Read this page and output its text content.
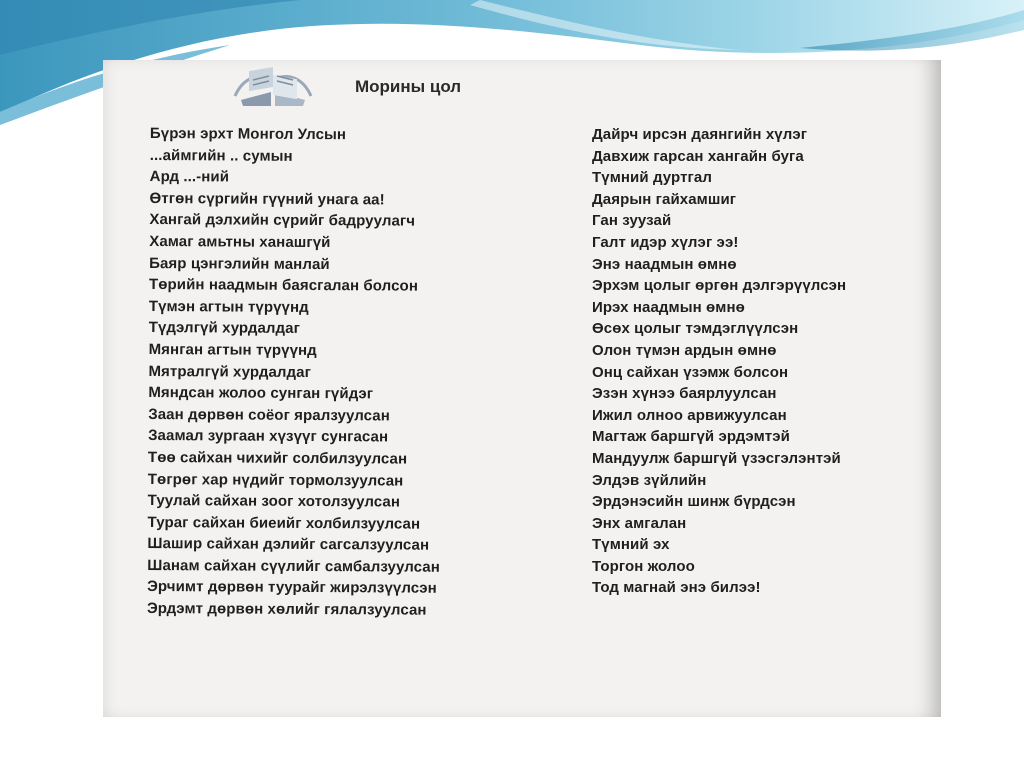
Морины цол
Бүрэн эрхт Монгол Улсын
...аймгийн .. сумын
Ард ...-ний
Өтгөн сүргийн гүүний унага аа!
Хангай дэлхийн сүрийг бадруулагч
Хамаг амьтны ханашгүй
Баяр цэнгэлийн манлай
Төрийн наадмын баясгалан болсон
Түмэн агтын түрүүнд
Түдэлгүй хурдалдаг
Мянган агтын түрүүнд
Мятралгүй хурдалдаг
Мяндсан жолоо сунган гүйдэг
Заан дөрвөн соёог яралзуулсан
Заамал зургаан хүзүүг сунгасан
Төө сайхан чихийг солбилзуулсан
Төгрөг хар нүдийг тормолзуулсан
Туулай сайхан зоог хотолзуулсан
Тураг сайхан биеийг холбилзуулсан
Шашир сайхан дэлийг сагсалзуулсан
Шанам сайхан сүүлийг самбалзуулсан
Эрчимт дөрвөн туурайг жирэлзүүлсэн
Эрдэмт дөрвөн хөлийг гялалзуулсан
Дайрч ирсэн даянгийн хүлэг
Давхиж гарсан хангайн буга
Түмний дуртгал
Даярын гайхамшиг
Ган зуузай
Галт идэр хүлэг ээ!
Энэ наадмын өмнө
Эрхэм цолыг өргөн дэлгэрүүлсэн
Ирэх наадмын өмнө
Өсөх цолыг тэмдэглүүлсэн
Олон түмэн ардын өмнө
Онц сайхан үзэмж болсон
Эзэн хүнээ баярлуулсан
Ижил олноо арвижуулсан
Магтаж баршгүй эрдэмтэй
Мандуулж баршгүй үзэсгэлэнтэй
Элдэв зүйлийн
Эрдэнэсийн шинж бүрдсэн
Энх амгалан
Түмний эх
Торгон жолоо
Тод магнай энэ билээ!
